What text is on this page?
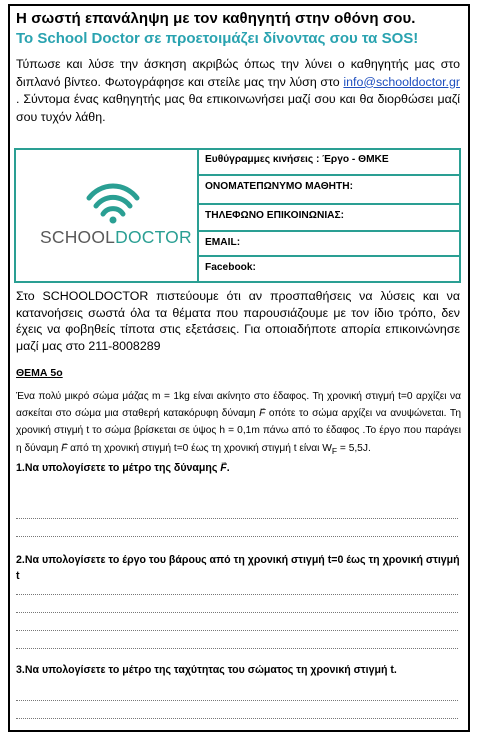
Η σωστή επανάληψη με τον καθηγητή στην οθόνη σου.
Το School Doctor σε προετοιμάζει δίνοντας σου τα SOS!
Τύπωσε και λύσε την άσκηση ακριβώς όπως την λύνει ο καθηγητής μας στο διπλανό βίντεο. Φωτογράφησε και στείλε μας την λύση στο info@schooldoctor.gr . Σύντομα ένας καθηγητής μας θα επικοινωνήσει μαζί σου και θα διορθώσει μαζί σου τυχόν λάθη.
SCHOOLDOCTOR
Ευθύγραμμες κινήσεις : Έργο - ΘΜΚΕ
ΟΝΟΜΑΤΕΠΩΝΥΜΟ ΜΑΘΗΤΗ:
ΤΗΛΕΦΩΝΟ ΕΠΙΚΟΙΝΩΝΙΑΣ:
EMAIL:
Facebook:
Στο SCHOOLDOCTOR πιστεύουμε ότι αν προσπαθήσεις να λύσεις και να κατανοήσεις σωστά όλα τα θέματα που παρουσιάζουμε με τον ίδιο τρόπο, δεν έχεις να φοβηθείς τίποτα στις εξετάσεις. Για οποιαδήποτε απορία επικοινώνησε μαζί μας στο 211-8008289
ΘΕΜΑ 5ο
Ένα πολύ μικρό σώμα μάζας m = 1kg είναι ακίνητο στο έδαφος. Τη χρονική στιγμή t=0 αρχίζει να ασκείται στο σώμα μια σταθερή κατακόρυφη δύναμη → F οπότε το σώμα αρχίζει να ανυψώνεται. Τη χρονική στιγμή t το σώμα βρίσκεται σε ύψος h = 0,1m πάνω από το έδαφος .Το έργο που παράγει η δύναμη → F από τη χρονική στιγμή t=0 έως τη χρονική στιγμή t είναι $W_F = 5,5J$.
1.Να υπολογίσετε το μέτρο της δύναμης → F.
2.Να υπολογίσετε το έργο του βάρους από τη χρονική στιγμή t=0 έως τη χρονική στιγμή t
3.Να υπολογίσετε το μέτρο της ταχύτητας του σώματος τη χρονική στιγμή t.
